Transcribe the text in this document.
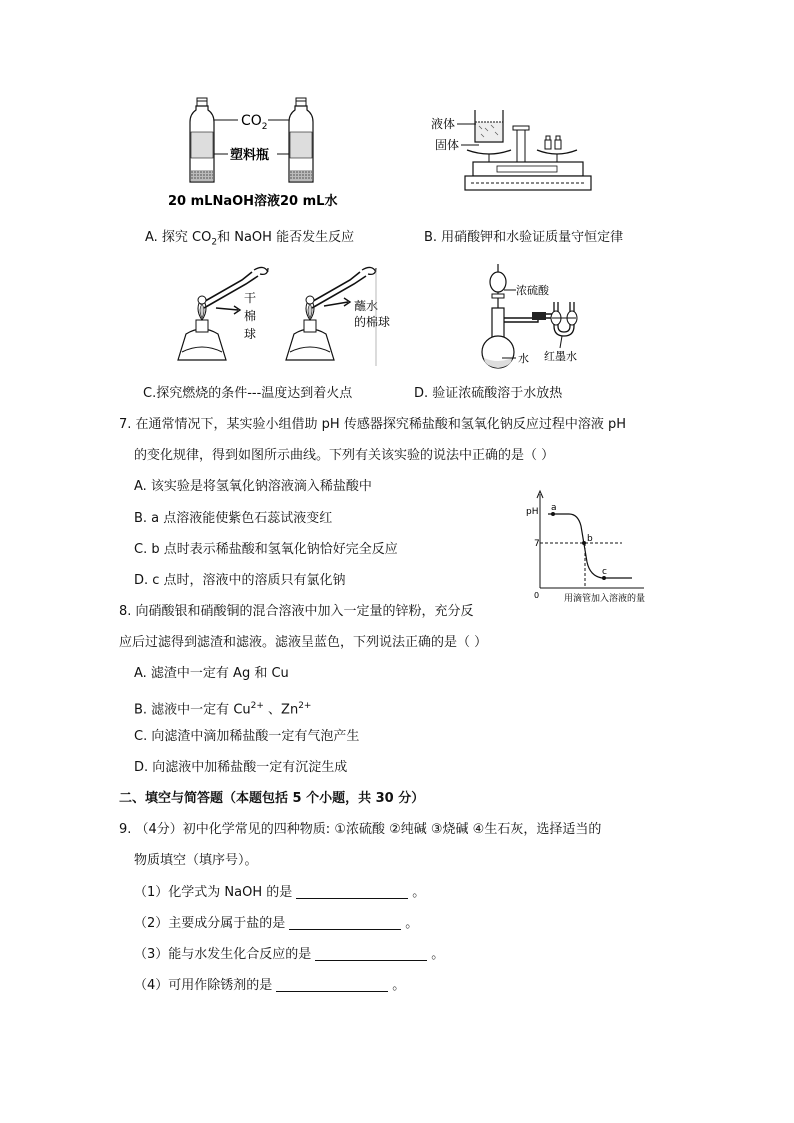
$CO_2$
塑料瓶
20 mLNaOH溶液 20 mL水
A. 探究 $CO_2$和 NaOH 能否发生反应
液体
固体
B. 用硝酸钾和水验证质量守恒定律
干
棉
球
蘸水
的棉球
C.探究燃烧的条件---温度达到着火点
浓硫酸
水 红墨水
D. 验证浓硫酸溶于水放热
7. 在通常情况下，某实验小组借助 pH 传感器探究稀盐酸和氢氧化钠反应过程中溶液 pH
的变化规律，得到如图所示曲线。下列有关该实验的说法中正确的是（ ）
A. 该实验是将氢氧化钠溶液滴入稀盐酸中
B. a 点溶液能使紫色石蕊试液变红
C. b 点时表示稀盐酸和氢氧化钠恰好完全反应
D. c 点时，溶液中的溶质只有氯化钠
pH
7
0	用滴管加入溶液的量
a
b
c
8. 向硝酸银和硝酸铜的混合溶液中加入一定量的锌粉，充分反
应后过滤得到滤渣和滤液。滤液呈蓝色，下列说法正确的是（ ）
A. 滤渣中一定有 Ag 和 Cu
B. 滤液中一定有 $Cu^{2+}$ 、$Zn^{2+}$
C. 向滤渣中滴加稀盐酸一定有气泡产生
D. 向滤液中加稀盐酸一定有沉淀生成
二、填空与简答题（本题包括 5 个小题，共 30 分）
9. （4分）初中化学常见的四种物质: ①浓硫酸 ②纯碱 ③烧碱 ④生石灰，选择适当的
物质填空（填序号）。
（1）化学式为 NaOH 的是	。
（2）主要成分属于盐的是	。
（3）能与水发生化合反应的是	。
（4）可用作除锈剂的是	。
